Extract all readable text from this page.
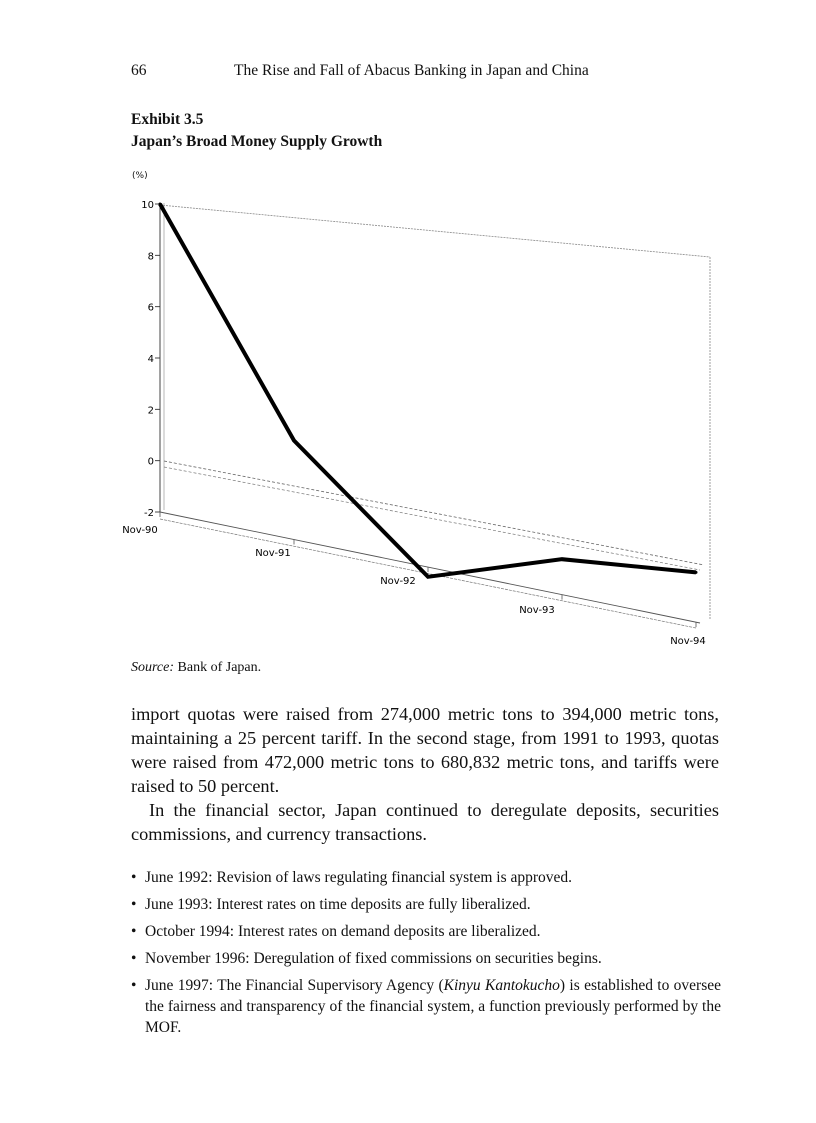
66	The Rise and Fall of Abacus Banking in Japan and China
Exhibit 3.5
Japan’s Broad Money Supply Growth
(%)
-2
0
2
4
6
8
10
Nov-90
Nov-91
Nov-92
Nov-93
Nov-94
Source: Bank of Japan.

import quotas were raised from 274,000 metric tons to 394,000 metric tons, maintaining a 25 percent tariff. In the second stage, from 1991 to 1993, quotas were raised from 472,000 metric tons to 680,832 metric tons, and tariffs were raised to 50 percent.

In the financial sector, Japan continued to deregulate deposits, securities commissions, and currency transactions.

• June 1992: Revision of laws regulating financial system is approved.
• June 1993: Interest rates on time deposits are fully liberalized.
• October 1994: Interest rates on demand deposits are liberalized.
• November 1996: Deregulation of fixed commissions on securities begins.
• June 1997: The Financial Supervisory Agency (Kinyu Kantokucho) is established to oversee the fairness and transparency of the financial system, a function previously performed by the MOF.
